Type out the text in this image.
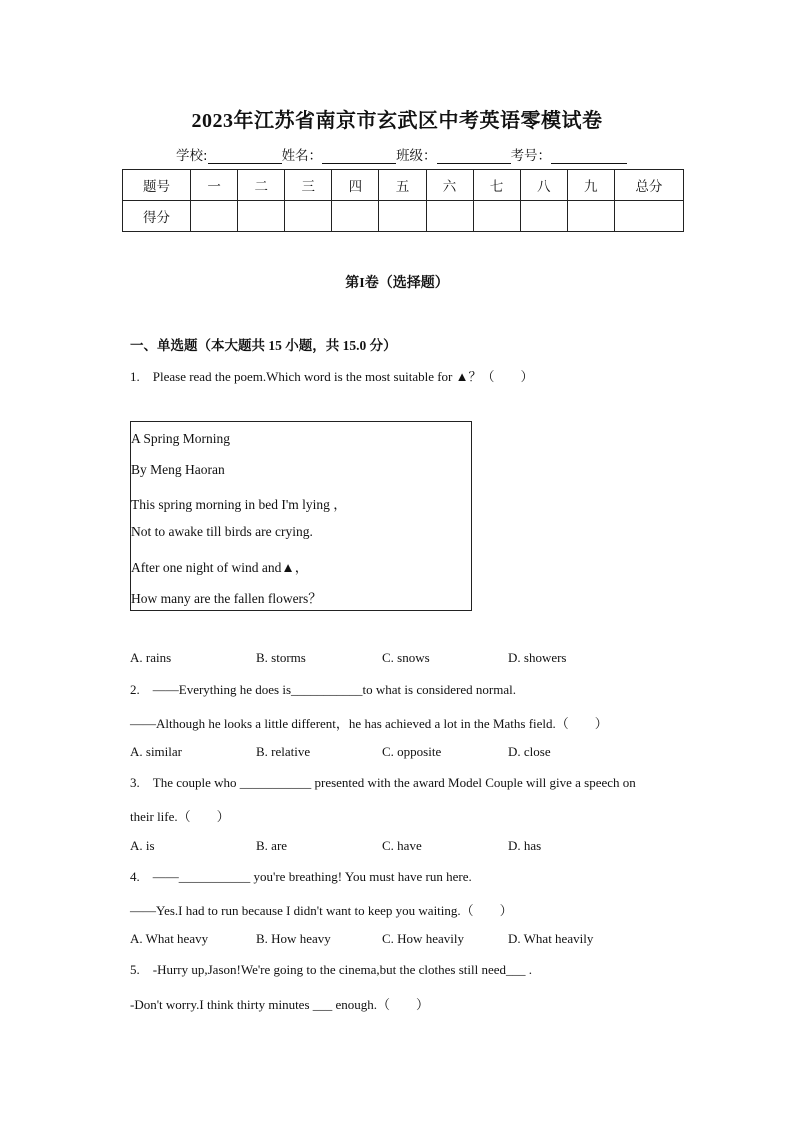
2023年江苏省南京市玄武区中考英语零模试卷
学校:	姓名：	班级：	考号：
题号	一	二	三	四	五	六	七	八	九	总分
得分										
第I卷（选择题）
一、单选题（本大题共 15 小题，共 15.0 分）
1. Please read the poem.Which word is the most suitable for ▲？（　　）
A Spring Morning
By Meng Haoran
This spring morning in bed I'm lying ，
Not to awake till birds are crying.
After one night of wind and▲，
How many are the fallen flowers？
A. rains	B. storms	C. snows	D. showers
2. ——Everything he does is___________to what is considered normal.
——Although he looks a little different，he has achieved a lot in the Maths field.（　　）
A. similar	B. relative	C. opposite	D. close
3. The couple who ___________ presented with the award Model Couple will give a speech on
their life.（　　）
A. is	B. are	C. have	D. has
4. ——___________ you're breathing! You must have run here.
——Yes.I had to run because I didn't want to keep you waiting.（　　）
A. What heavy	B. How heavy	C. How heavily	D. What heavily
5. -Hurry up,Jason!We're going to the cinema,but the clothes still need___ .
-Don't worry.I think thirty minutes ___ enough.（　　）
